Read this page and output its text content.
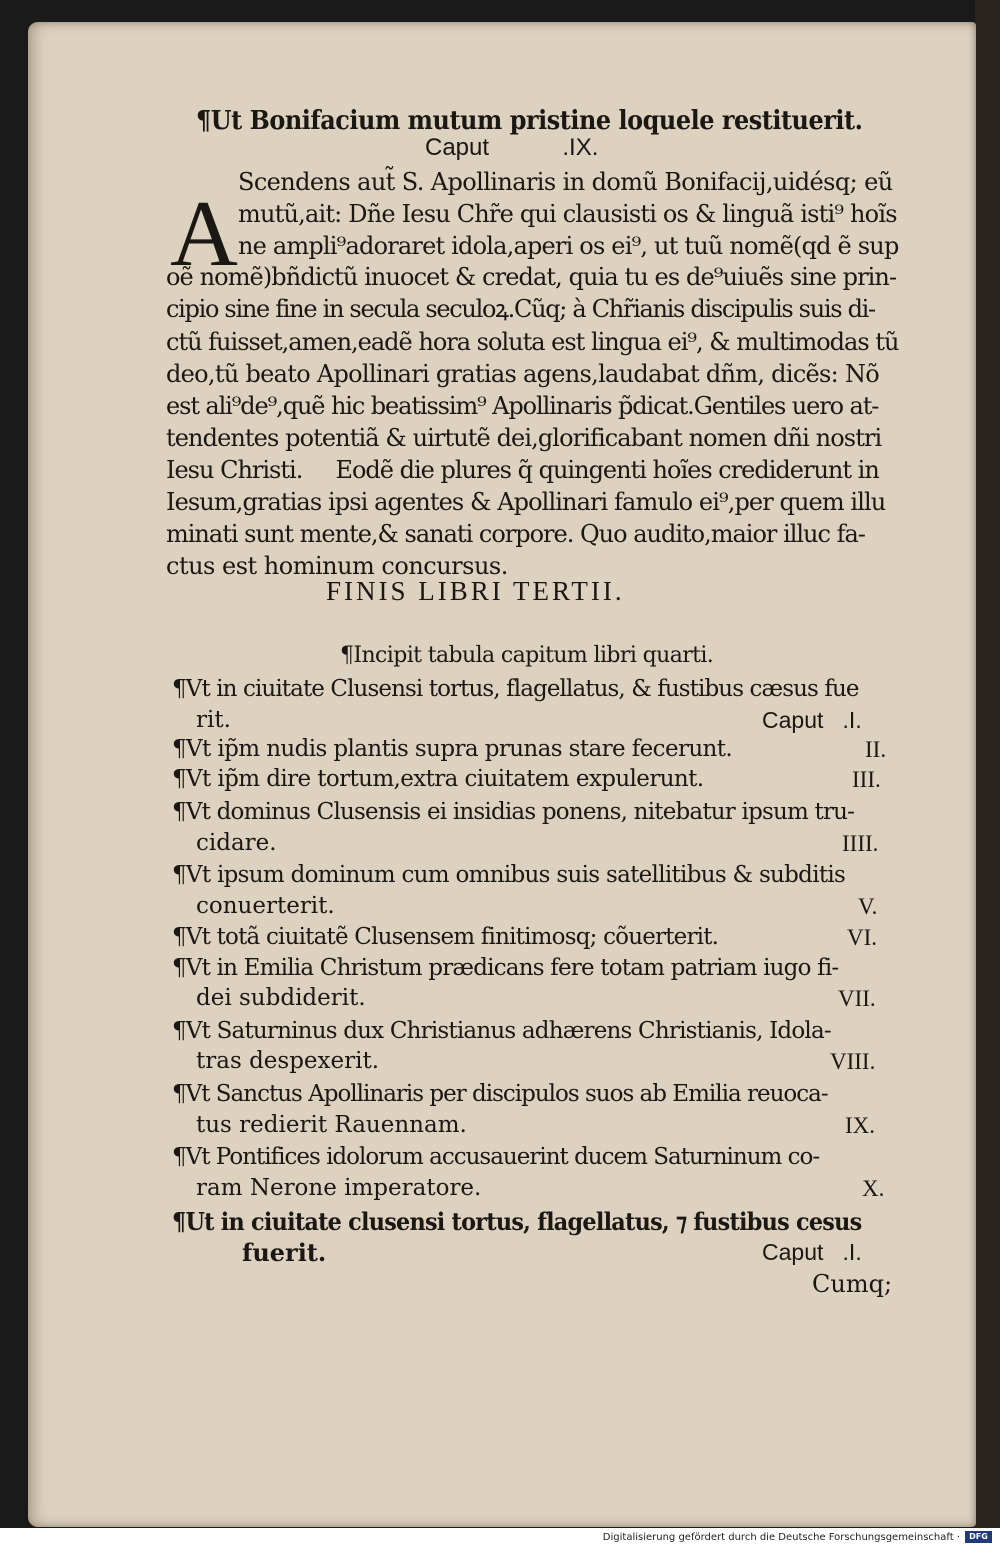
¶Ut Bonifacium mutum pristine loquele restituerit.
Caput           .IX.
A Scendens aut̃ S. Apollinaris in domũ Bonifacij,uidésq; eũ
mutũ,ait: Dñe Iesu Chr̃e qui clausisti os & linguã isti⁹ hoĩs
ne ampli⁹adoraret idola,aperi os ei⁹, ut tuũ nomẽ(qd ẽ sup
oẽ nomẽ)bñdictũ inuocet & credat, quia tu es de⁹uiuẽs sine prin-
cipio sine fine in secula seculoꝝ.Cũq; à Chr̃ianis discipulis suis di-
ctũ fuisset,amen,eadẽ hora soluta est lingua ei⁹, & multimodas tũ
deo,tũ beato Apollinari gratias agens,laudabat dñm, dicẽs: Nõ
est ali⁹de⁹,quẽ hic beatissim⁹ Apollinaris p̃dicat.Gentiles uero at-
tendentes potentiã & uirtutẽ dei,glorificabant nomen dñi nostri
Iesu Christi.     Eodẽ die plures q̃ quingenti hoĩes crediderunt in
Iesum,gratias ipsi agentes & Apollinari famulo ei⁹,per quem illu
minati sunt mente,& sanati corpore. Quo audito,maior illuc fa-
ctus est hominum concursus.
FINIS LIBRI TERTII.
¶Incipit tabula capitum libri quarti.
¶Vt in ciuitate Clusensi tortus, flagellatus, & fustibus cæsus fue
rit.	Caput   .I.
¶Vt ip̃m nudis plantis supra prunas stare fecerunt.	II.
¶Vt ip̃m dire tortum,extra ciuitatem expulerunt.	III.
¶Vt dominus Clusensis ei insidias ponens, nitebatur ipsum tru-
cidare.	IIII.
¶Vt ipsum dominum cum omnibus suis satellitibus & subditis
conuerterit.	V.
¶Vt totã ciuitatẽ Clusensem finitimosq; cõuerterit.	VI.
¶Vt in Emilia Christum prædicans fere totam patriam iugo fi-
dei subdiderit.	VII.
¶Vt Saturninus dux Christianus adhærens Christianis, Idola-
tras despexerit.	VIII.
¶Vt Sanctus Apollinaris per discipulos suos ab Emilia reuoca-
tus redierit Rauennam.	IX.
¶Vt Pontifices idolorum accusauerint ducem Saturninum co-
ram Nerone imperatore.	X.
¶Ut in ciuitate clusensi tortus, flagellatus, ⁊ fustibus cesus
fuerit.	Caput   .I.
Cumq;
Digitalisierung gefördert durch die Deutsche Forschungsgemeinschaft ·	DFG
